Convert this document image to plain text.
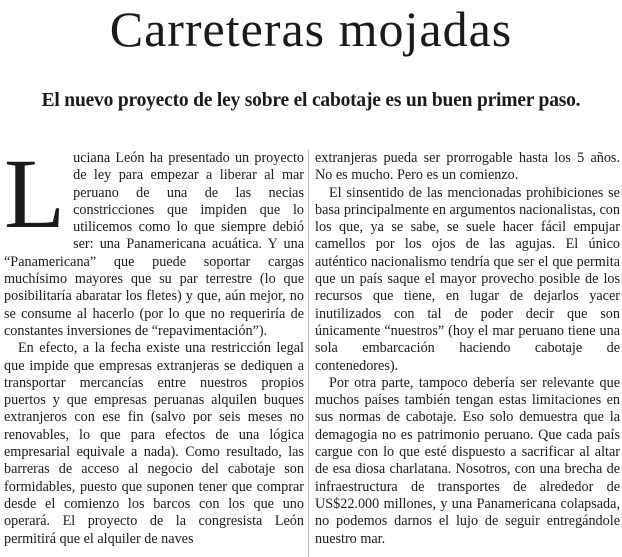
Carreteras mojadas
El nuevo proyecto de ley sobre el cabotaje es un buen primer paso.

Luciana León ha presentado un proyecto de ley para empezar a liberar al mar peruano de una de las necias constricciones que impiden que lo utilicemos como lo que siempre debió ser: una Panamericana acuática. Y una “Panamericana” que puede soportar cargas muchísimo mayores que su par terrestre (lo que posibilitaría abaratar los fletes) y que, aún mejor, no se consume al hacerlo (por lo que no requeriría de constantes inversiones de “repavimentación”).

En efecto, a la fecha existe una restricción legal que impide que empresas extranjeras se dediquen a transportar mercancías entre nuestros propios puertos y que empresas peruanas alquilen buques extranjeros con ese fin (salvo por seis meses no renovables, lo que para efectos de una lógica empresarial equivale a nada). Como resultado, las barreras de acceso al negocio del cabotaje son formidables, puesto que suponen tener que comprar desde el comienzo los barcos con los que uno operará. El proyecto de la congresista León permitirá que el alquiler de naves

extranjeras pueda ser prorrogable hasta los 5 años. No es mucho. Pero es un comienzo.

El sinsentido de las mencionadas prohibiciones se basa principalmente en argumentos nacionalistas, con los que, ya se sabe, se suele hacer fácil empujar camellos por los ojos de las agujas. El único auténtico nacionalismo tendría que ser el que permita que un país saque el mayor provecho posible de los recursos que tiene, en lugar de dejarlos yacer inutilizados con tal de poder decir que son únicamente “nuestros” (hoy el mar peruano tiene una sola embarcación haciendo cabotaje de contenedores).

Por otra parte, tampoco debería ser relevante que muchos países también tengan estas limitaciones en sus normas de cabotaje. Eso solo demuestra que la demagogia no es patrimonio peruano. Que cada país cargue con lo que esté dispuesto a sacrificar al altar de esa diosa charlatana. Nosotros, con una brecha de infraestructura de transportes de alrededor de US$22.000 millones, y una Panamericana colapsada, no podemos darnos el lujo de seguir entregándole nuestro mar.
